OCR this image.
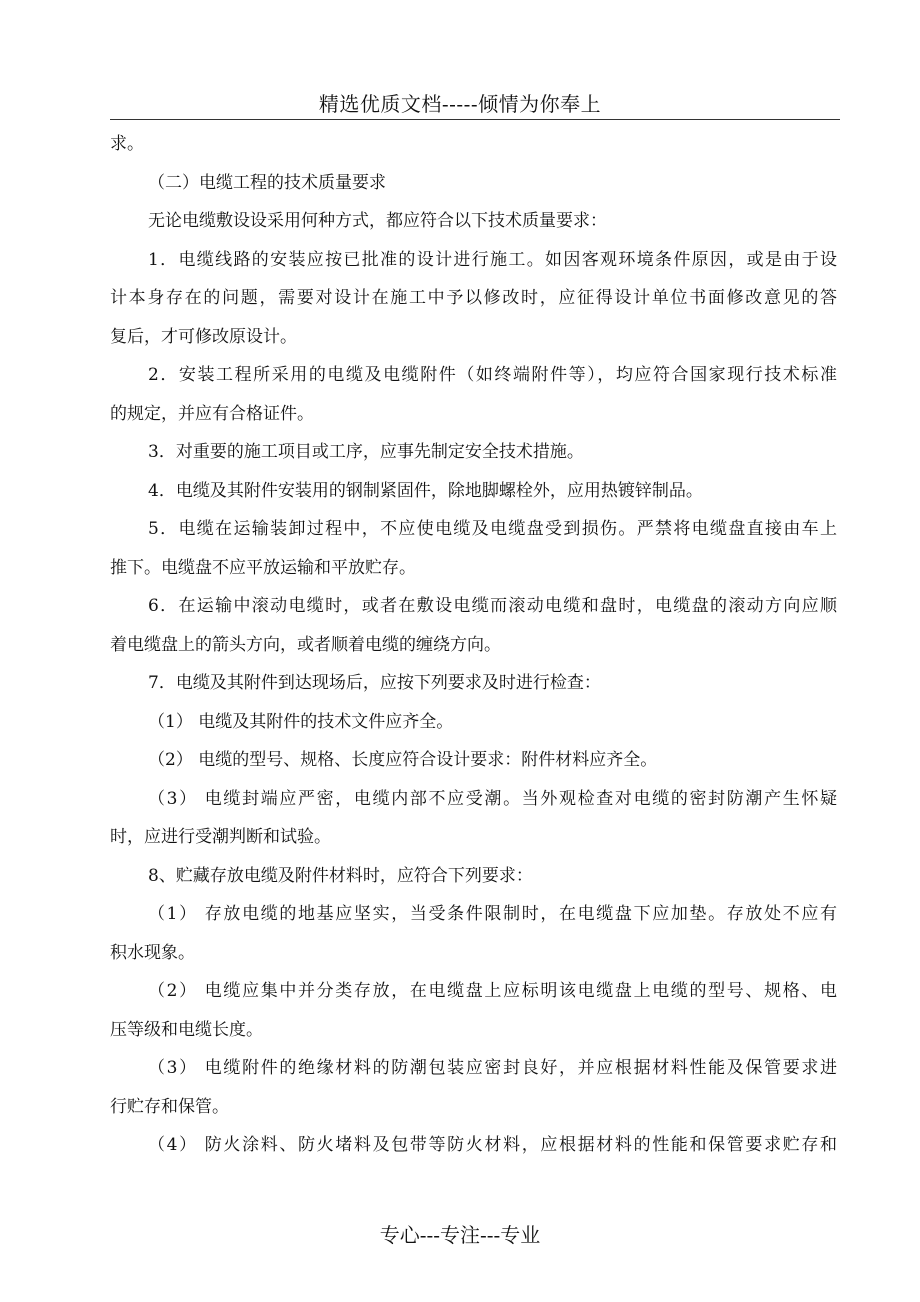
精选优质文档-----倾情为你奉上
求。
（二）电缆工程的技术质量要求
无论电缆敷设设采用何种方式，都应符合以下技术质量要求：
1．电缆线路的安装应按已批准的设计进行施工。如因客观环境条件原因，或是由于设
计本身存在的问题，需要对设计在施工中予以修改时，应征得设计单位书面修改意见的答
复后，才可修改原设计。
2．安装工程所采用的电缆及电缆附件（如终端附件等），均应符合国家现行技术标准
的规定，并应有合格证件。
3．对重要的施工项目或工序，应事先制定安全技术措施。
4．电缆及其附件安装用的钢制紧固件，除地脚螺栓外，应用热镀锌制品。
5．电缆在运输装卸过程中，不应使电缆及电缆盘受到损伤。严禁将电缆盘直接由车上
推下。电缆盘不应平放运输和平放贮存。
6．在运输中滚动电缆时，或者在敷设电缆而滚动电缆和盘时，电缆盘的滚动方向应顺
着电缆盘上的箭头方向，或者顺着电缆的缠绕方向。
7．电缆及其附件到达现场后，应按下列要求及时进行检查：
（1） 电缆及其附件的技术文件应齐全。
（2） 电缆的型号、规格、长度应符合设计要求：附件材料应齐全。
（3） 电缆封端应严密，电缆内部不应受潮。当外观检查对电缆的密封防潮产生怀疑
时，应进行受潮判断和试验。
8、贮藏存放电缆及附件材料时，应符合下列要求：
（1） 存放电缆的地基应坚实，当受条件限制时，在电缆盘下应加垫。存放处不应有
积水现象。
（2） 电缆应集中并分类存放，在电缆盘上应标明该电缆盘上电缆的型号、规格、电
压等级和电缆长度。
（3） 电缆附件的绝缘材料的防潮包装应密封良好，并应根据材料性能及保管要求进
行贮存和保管。
（4） 防火涂料、防火堵料及包带等防火材料，应根据材料的性能和保管要求贮存和
专心---专注---专业
